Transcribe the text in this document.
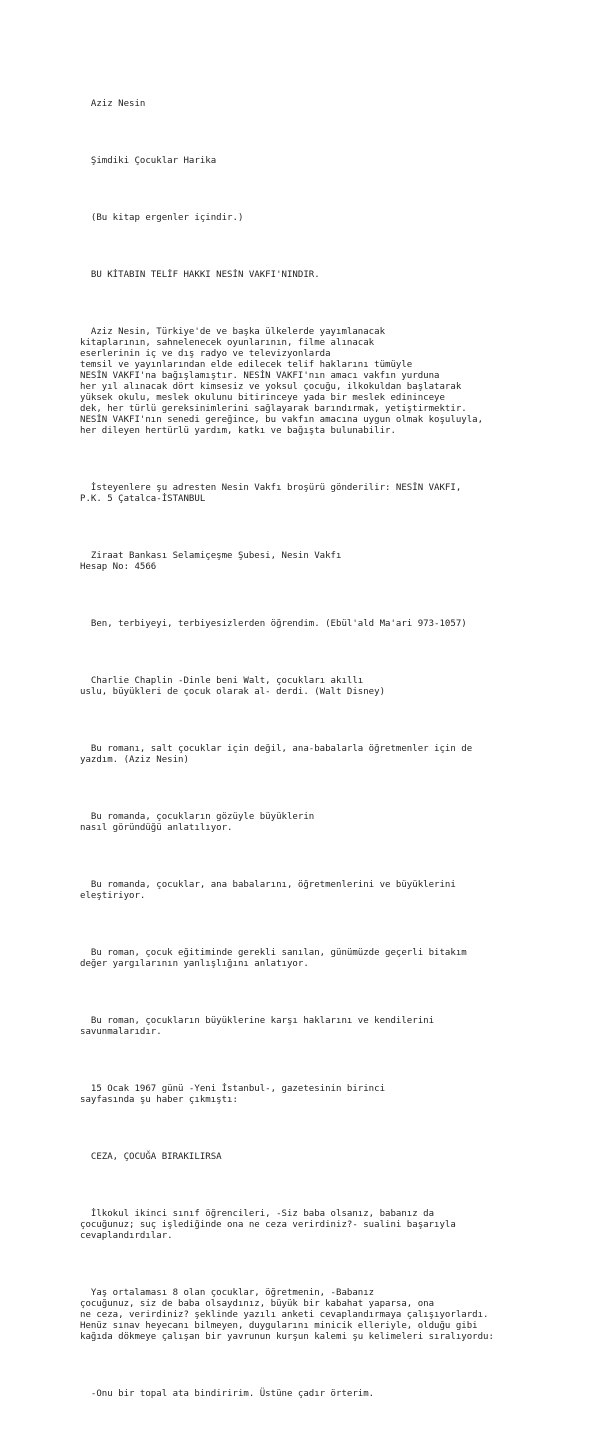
Aziz Nesin

Şimdiki Çocuklar Harika

(Bu kitap ergenler içindir.)

BU KİTABIN TELİF HAKKI NESİN VAKFI'NINDIR.

Aziz Nesin, Türkiye'de ve başka ülkelerde yayımlanacak
kitaplarının, sahnelenecek oyunlarının, filme alınacak
eserlerinin iç ve dış radyo ve televizyonlarda
temsil ve yayınlarından elde edilecek telif haklarını tümüyle
NESİN VAKFI'na bağışlamıştır. NESİN VAKFI'nın amacı vakfın yurduna
her yıl alınacak dört kimsesiz ve yoksul çocuğu, ilkokuldan başlatarak
yüksek okulu, meslek okulunu bitirinceye yada bir meslek edininceye
dek, her türlü gereksinimlerini sağlayarak barındırmak, yetiştirmektir.
NESİN VAKFI'nın senedi gereğince, bu vakfın amacına uygun olmak koşuluyla,
her dileyen hertürlü yardım, katkı ve bağışta bulunabilir.

İsteyenlere şu adresten Nesin Vakfı broşürü gönderilir: NESİN VAKFI,
P.K. 5 Çatalca-İSTANBUL

Ziraat Bankası Selamiçeşme Şubesi, Nesin Vakfı
Hesap No: 4566

Ben, terbiyeyi, terbiyesizlerden öğrendim. (Ebül'ald Ma'ari 973-1057)

Charlie Chaplin -Dinle beni Walt, çocukları akıllı
uslu, büyükleri de çocuk olarak al- derdi. (Walt Disney)

Bu romanı, salt çocuklar için değil, ana-babalarla öğretmenler için de
yazdım. (Aziz Nesin)

Bu romanda, çocukların gözüyle büyüklerin
nasıl göründüğü anlatılıyor.

Bu romanda, çocuklar, ana babalarını, öğretmenlerini ve büyüklerini
eleştiriyor.

Bu roman, çocuk eğitiminde gerekli sanılan, günümüzde geçerli bitakım
değer yargılarının yanlışlığını anlatıyor.

Bu roman, çocukların büyüklerine karşı haklarını ve kendilerini
savunmalarıdır.

15 Ocak 1967 günü -Yeni İstanbul-, gazetesinin birinci
sayfasında şu haber çıkmıştı:

CEZA, ÇOCUĞA BIRAKILIRSA

İlkokul ikinci sınıf öğrencileri, -Siz baba olsanız, babanız da
çocuğunuz; suç işlediğinde ona ne ceza verirdiniz?- sualini başarıyla
cevaplandırdılar.

Yaş ortalaması 8 olan çocuklar, öğretmenin, -Babanız
çocuğunuz, siz de baba olsaydınız, büyük bir kabahat yaparsa, ona
ne ceza, verirdiniz? şeklinde yazılı anketi cevaplandırmaya çalışıyorlardı.
Henüz sınav heyecanı bilmeyen, duygularını minicik elleriyle, olduğu gibi
kağıda dökmeye çalışan bir yavrunun kurşun kalemi şu kelimeleri sıralıyordu:

-Onu bir topal ata bindiririm. Üstüne çadır örterim.
